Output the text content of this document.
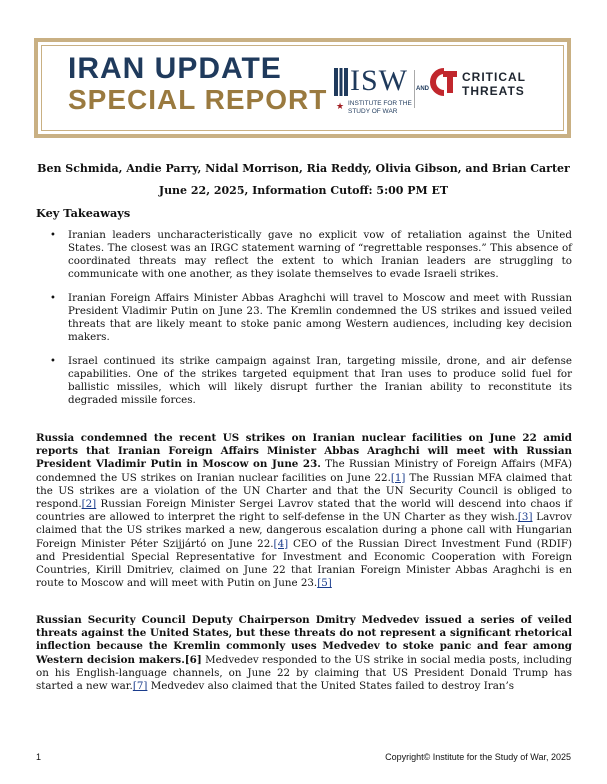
IRAN UPDATE
SPECIAL REPORT
ISW
★ INSTITUTE FOR THE STUDY OF WAR
AND
CRITICAL
THREATS
Ben Schmida, Andie Parry, Nidal Morrison, Ria Reddy, Olivia Gibson, and Brian Carter
June 22, 2025, Information Cutoff: 5:00 PM ET
Key Takeaways
• Iranian leaders uncharacteristically gave no explicit vow of retaliation against the United States. The closest was an IRGC statement warning of “regrettable responses.” This absence of coordinated threats may reflect the extent to which Iranian leaders are struggling to communicate with one another, as they isolate themselves to evade Israeli strikes.
• Iranian Foreign Affairs Minister Abbas Araghchi will travel to Moscow and meet with Russian President Vladimir Putin on June 23. The Kremlin condemned the US strikes and issued veiled threats that are likely meant to stoke panic among Western audiences, including key decision makers.
• Israel continued its strike campaign against Iran, targeting missile, drone, and air defense capabilities. One of the strikes targeted equipment that Iran uses to produce solid fuel for ballistic missiles, which will likely disrupt further the Iranian ability to reconstitute its degraded missile forces.
Russia condemned the recent US strikes on Iranian nuclear facilities on June 22 amid reports that Iranian Foreign Affairs Minister Abbas Araghchi will meet with Russian President Vladimir Putin in Moscow on June 23. The Russian Ministry of Foreign Affairs (MFA) condemned the US strikes on Iranian nuclear facilities on June 22.[1] The Russian MFA claimed that the US strikes are a violation of the UN Charter and that the UN Security Council is obliged to respond.[2] Russian Foreign Minister Sergei Lavrov stated that the world will descend into chaos if countries are allowed to interpret the right to self-defense in the UN Charter as they wish.[3] Lavrov claimed that the US strikes marked a new, dangerous escalation during a phone call with Hungarian Foreign Minister Péter Szijjártó on June 22.[4] CEO of the Russian Direct Investment Fund (RDIF) and Presidential Special Representative for Investment and Economic Cooperation with Foreign Countries, Kirill Dmitriev, claimed on June 22 that Iranian Foreign Minister Abbas Araghchi is en route to Moscow and will meet with Putin on June 23.[5]
Russian Security Council Deputy Chairperson Dmitry Medvedev issued a series of veiled threats against the United States, but these threats do not represent a significant rhetorical inflection because the Kremlin commonly uses Medvedev to stoke panic and fear among Western decision makers.[6] Medvedev responded to the US strike in social media posts, including on his English-language channels, on June 22 by claiming that US President Donald Trump has started a new war.[7] Medvedev also claimed that the United States failed to destroy Iran’s
1	Copyright© Institute for the Study of War, 2025
